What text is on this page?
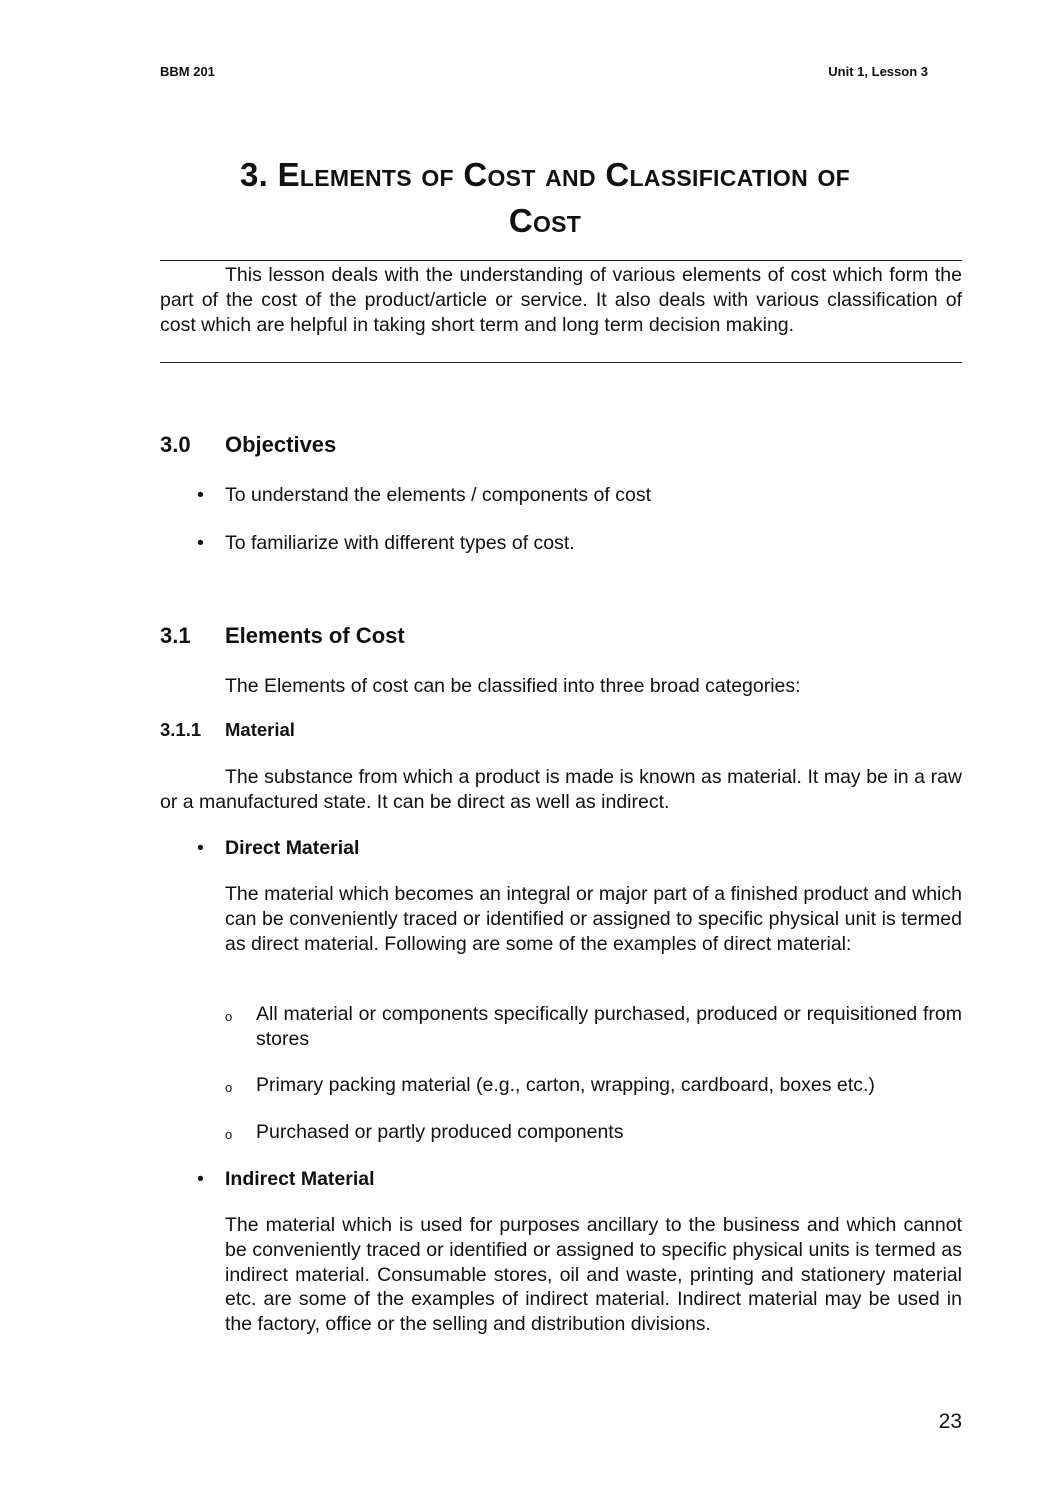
BBM 201	Unit 1, Lesson 3
3. Elements of Cost and Classification of
Cost
This lesson deals with the understanding of various elements of cost which form the part of the cost of the product/article or service. It also deals with various classification of cost which are helpful in taking short term and long term decision making.
3.0 Objectives
• To understand the elements / components of cost
• To familiarize with different types of cost.
3.1 Elements of Cost
The Elements of cost can be classified into three broad categories:
3.1.1 Material
The substance from which a product is made is known as material. It may be in a raw or a manufactured state. It can be direct as well as indirect.
• Direct Material
The material which becomes an integral or major part of a finished product and which can be conveniently traced or identified or assigned to specific physical unit is termed as direct material. Following are some of the examples of direct material:
o All material or components specifically purchased, produced or requisitioned from stores
o Primary packing material (e.g., carton, wrapping, cardboard, boxes etc.)
o Purchased or partly produced components
• Indirect Material
The material which is used for purposes ancillary to the business and which cannot be conveniently traced or identified or assigned to specific physical units is termed as indirect material. Consumable stores, oil and waste, printing and stationery material etc. are some of the examples of indirect material. Indirect material may be used in the factory, office or the selling and distribution divisions.
23
